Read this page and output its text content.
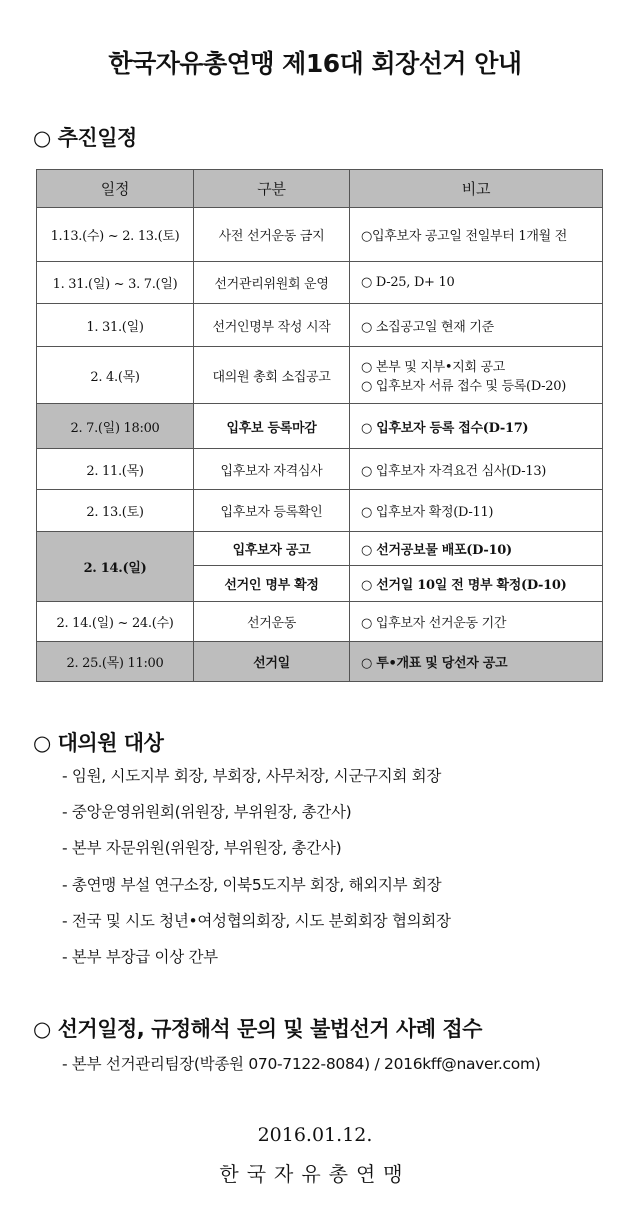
한국자유총연맹 제16대 회장선거 안내
○ 추진일정
일정	구분	비고
1.13.(수) ~ 2. 13.(토)	사전 선거운동 금지	○입후보자 공고일 전일부터 1개월 전
1. 31.(일) ~ 3. 7.(일)	선거관리위원회 운영	○ D-25, D+ 10
1. 31.(일)	선거인명부 작성 시작	○ 소집공고일 현재 기준
2. 4.(목)	대의원 총회 소집공고	○ 본부 및 지부•지회 공고
○ 입후보자 서류 접수 및 등록(D-20)

2. 7.(일) 18:00	입후보 등록마감	○ 입후보자 등록 접수(D-17)
2. 11.(목)	입후보자 자격심사	○ 입후보자 자격요건 심사(D-13)
2. 13.(토)	입후보자 등록확인	○ 입후보자 확정(D-11)
2. 14.(일)	입후보자 공고	○ 선거공보물 배포(D-10)
	선거인 명부 확정	○ 선거일 10일 전 명부 확정(D-10)
2. 14.(일) ~ 24.(수)	선거운동	○ 입후보자 선거운동 기간
2. 25.(목) 11:00	선거일	○ 투•개표 및 당선자 공고
○ 대의원 대상
- 임원, 시도지부 회장, 부회장, 사무처장, 시군구지회 회장
- 중앙운영위원회(위원장, 부위원장, 총간사)
- 본부 자문위원(위원장, 부위원장, 총간사)
- 총연맹 부설 연구소장, 이북5도지부 회장, 해외지부 회장
- 전국 및 시도 청년•여성협의회장, 시도 분회회장 협의회장
- 본부 부장급 이상 간부
○ 선거일정, 규정해석 문의 및 불법선거 사례 접수
- 본부 선거관리팀장(박종원 070-7122-8084) / 2016kff@naver.com)
2016.01.12.
한국자유총연맹
